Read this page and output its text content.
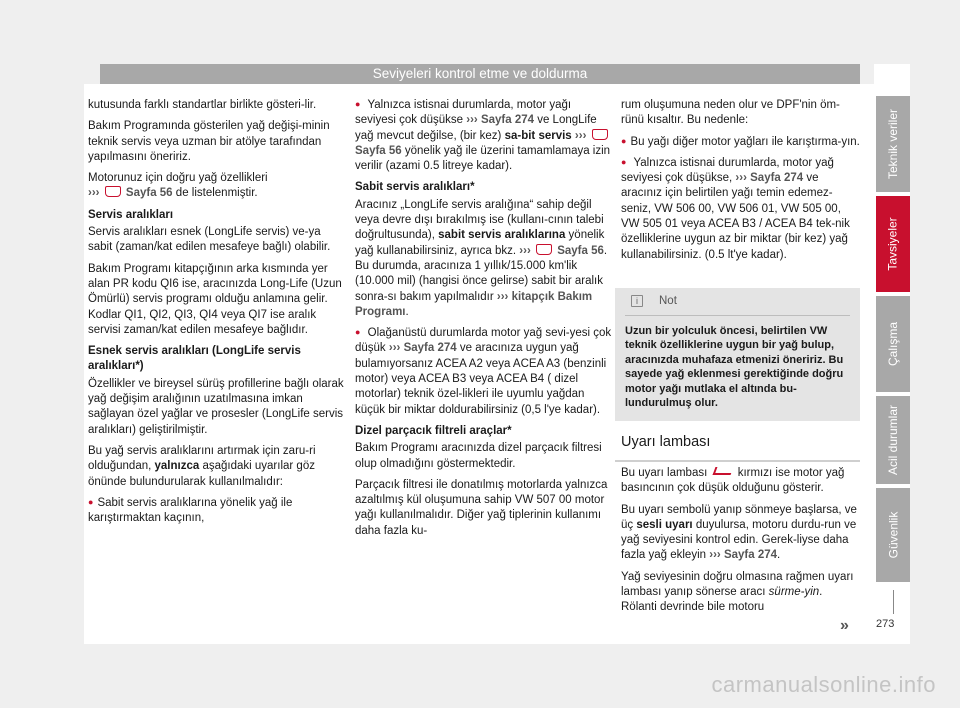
Seviyeleri kontrol etme ve doldurma

kutusunda farklı standartlar birlikte gösteri-lir.

Bakım Programında gösterilen yağ değişi-minin teknik servis veya uzman bir atölye tarafından yapılmasını öneririz.

Motorunuz için doğru yağ özellikleri
››› Sayfa 56 de listelenmiştir.

Servis aralıkları

Servis aralıkları esnek (LongLife servis) ve-ya sabit (zaman/kat edilen mesafeye bağlı) olabilir.

Bakım Programı kitapçığının arka kısmında yer alan PR kodu QI6 ise, aracınızda Long-Life (Uzun Ömürlü) servis programı olduğu anlamına gelir. Kodlar QI1, QI2, QI3, QI4 veya QI7 ise aralık servisi zaman/kat edilen mesafeye bağlıdır.

Esnek servis aralıkları (LongLife servis aralıkları*)

Özellikler ve bireysel sürüş profillerine bağlı olarak yağ değişim aralığının uzatılmasına imkan sağlayan özel yağlar ve prosesler (LongLife servis aralıkları) geliştirilmiştir.

Bu yağ servis aralıklarını artırmak için zaru-ri olduğundan, yalnızca aşağıdaki uyarılar göz önünde bulundurularak kullanılmalıdır:

● Sabit servis aralıklarına yönelik yağ ile karıştırmaktan kaçının,

● Yalnızca istisnai durumlarda, motor yağı seviyesi çok düşükse ››› Sayfa 274 ve LongLife yağ mevcut değilse, (bir kez) sa-bit servis ›››  Sayfa 56 yönelik yağ ile üzerini tamamlamaya izin verilir (azami 0.5 litreye kadar).

Sabit servis aralıkları*

Aracınız „LongLife servis aralığına“ sahip değil veya devre dışı bırakılmış ise (kullanı-cının talebi doğrultusunda), sabit servis aralıklarına yönelik yağ kullanabilirsiniz, ayrıca bkz. ››› Sayfa 56. Bu durumda, aracınıza 1 yıllık/15.000 km'lik (10.000 mil) (hangisi önce gelirse) sabit bir aralık sonra-sı bakım yapılmalıdır ››› kitapçık Bakım Programı.

● Olağanüstü durumlarda motor yağ sevi-yesi çok düşük ››› Sayfa 274 ve aracınıza uygun yağ bulamıyorsanız ACEA A2 veya ACEA A3 (benzinli motor) veya ACEA B3 veya ACEA B4 ( dizel motorlar) teknik özel-likleri ile uyumlu yağdan küçük bir miktar doldurabilirsiniz (0,5 l'ye kadar).

Dizel parçacık filtreli araçlar*

Bakım Programı aracınızda dizel parçacık filtresi olup olmadığını göstermektedir.

Parçacık filtresi ile donatılmış motorlarda yalnızca azaltılmış kül oluşumuna sahip VW 507 00 motor yağı kullanılmalıdır. Diğer yağ tiplerinin kullanımı daha fazla ku-

rum oluşumuna neden olur ve DPF'nin öm-rünü kısaltır. Bu nedenle:

● Bu yağı diğer motor yağları ile karıştırma-yın.

● Yalnızca istisnai durumlarda, motor yağ seviyesi çok düşükse, ››› Sayfa 274 ve aracınız için belirtilen yağı temin edemez-seniz, VW 506 00, VW 506 01, VW 505 00, VW 505 01 veya ACEA B3 / ACEA B4 tek-nik özelliklerine uygun az bir miktar (bir kez) yağ kullanabilirsiniz. (0.5 lt'ye kadar).

i	Not
Uzun bir yolculuk öncesi, belirtilen VW teknik özelliklerine uygun bir yağ bulup, aracınızda muhafaza etmenizi öneririz. Bu sayede yağ eklenmesi gerektiğinde doğru motor yağı mutlaka el altında bu-lundurulmuş olur.
Uyarı lambası

Bu uyarı lambası	kırmızı ise motor yağ basıncının çok düşük olduğunu gösterir.

Bu uyarı sembolü yanıp sönmeye başlarsa, ve üç sesli uyarı duyulursa, motoru durdu-run ve yağ seviyesini kontrol edin. Gerek-liyse daha fazla yağ ekleyin ››› Sayfa 274.

Yağ seviyesinin doğru olmasına rağmen uyarı lambası yanıp sönerse aracı sürme-yin. Rölanti devrinde bile motoru

»
Teknik veriler
Tavsiyeler
Çalışma
Acil durumlar
Güvenlik
273
carmanualsonline.info
